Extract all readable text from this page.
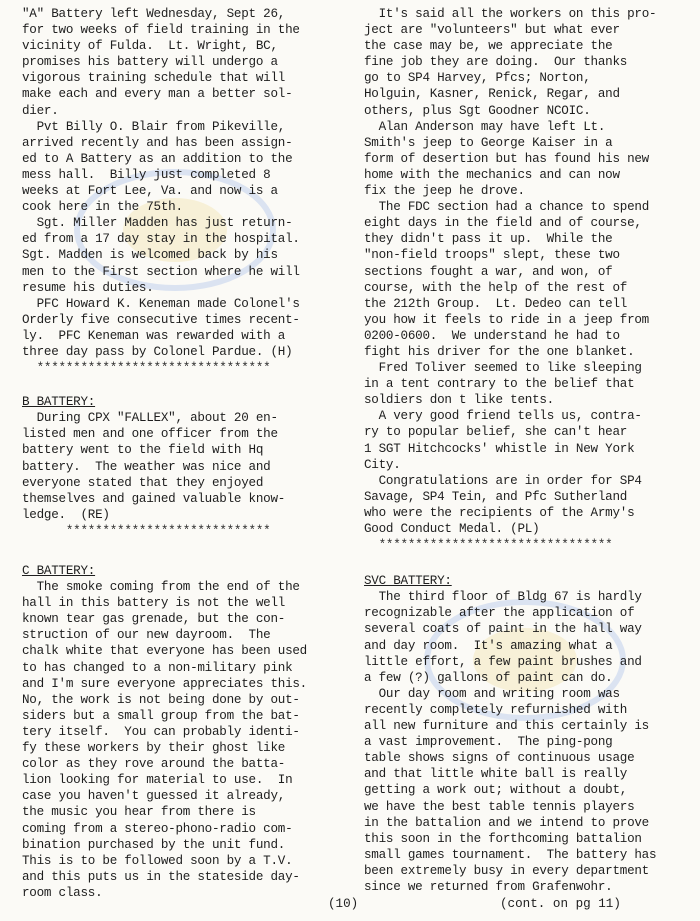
"A" Battery left Wednesday, Sept 26,
for two weeks of field training in the
vicinity of Fulda.  Lt. Wright, BC,
promises his battery will undergo a
vigorous training schedule that will
make each and every man a better sol-
dier.

Pvt Billy O. Blair from Pikeville,
arrived recently and has been assign-
ed to A Battery as an addition to the
mess hall.  Billy just completed 8
weeks at Fort Lee, Va. and now is a
cook here in the 75th.

Sgt. Miller Madden has just return-
ed from a 17 day stay in the hospital.
Sgt. Madden is welcomed back by his
men to the First section where he will
resume his duties.

PFC Howard K. Keneman made Colonel's
Orderly five consecutive times recent-
ly.  PFC Keneman was rewarded with a
three day pass by Colonel Pardue. (H)

********************************

B BATTERY:

During CPX "FALLEX", about 20 en-
listed men and one officer from the
battery went to the field with Hq
battery.  The weather was nice and
everyone stated that they enjoyed
themselves and gained valuable know-
ledge.  (RE)

****************************

C BATTERY:

The smoke coming from the end of the
hall in this battery is not the well
known tear gas grenade, but the con-
struction of our new dayroom.  The
chalk white that everyone has been used
to has changed to a non-military pink
and I'm sure everyone appreciates this.
No, the work is not being done by out-
siders but a small group from the bat-
tery itself.  You can probably identi-
fy these workers by their ghost like
color as they rove around the batta-
lion looking for material to use.  In
case you haven't guessed it already,
the music you hear from there is
coming from a stereo-phono-radio com-
bination purchased by the unit fund.
This is to be followed soon by a T.V.
and this puts us in the stateside day-
room class.

It's said all the workers on this pro-
ject are "volunteers" but what ever
the case may be, we appreciate the
fine job they are doing.  Our thanks
go to SP4 Harvey, Pfcs; Norton,
Holguin, Kasner, Renick, Regar, and
others, plus Sgt Goodner NCOIC.

Alan Anderson may have left Lt.
Smith's jeep to George Kaiser in a
form of desertion but has found his new
home with the mechanics and can now
fix the jeep he drove.

The FDC section had a chance to spend
eight days in the field and of course,
they didn't pass it up.  While the
"non-field troops" slept, these two
sections fought a war, and won, of
course, with the help of the rest of
the 212th Group.  Lt. Dedeo can tell
you how it feels to ride in a jeep from
0200-0600.  We understand he had to
fight his driver for the one blanket.

Fred Toliver seemed to like sleeping
in a tent contrary to the belief that
soldiers don t like tents.

A very good friend tells us, contra-
ry to popular belief, she can't hear
1 SGT Hitchcocks' whistle in New York
City.

Congratulations are in order for SP4
Savage, SP4 Tein, and Pfc Sutherland
who were the recipients of the Army's
Good Conduct Medal. (PL)

********************************

SVC BATTERY:

The third floor of Bldg 67 is hardly
recognizable after the application of
several coats of paint in the hall way
and day room.  It's amazing what a
little effort, a few paint brushes and
a few (?) gallons of paint can do.

Our day room and writing room was
recently completely refurnished with
all new furniture and this certainly is
a vast improvement.  The ping-pong
table shows signs of continuous usage
and that little white ball is really
getting a work out; without a doubt,
we have the best table tennis players
in the battalion and we intend to prove
this soon in the forthcoming battalion
small games tournament.  The battery has
been extremely busy in every department
since we returned from Grafenwohr.

(10)	(cont. on pg 11)
